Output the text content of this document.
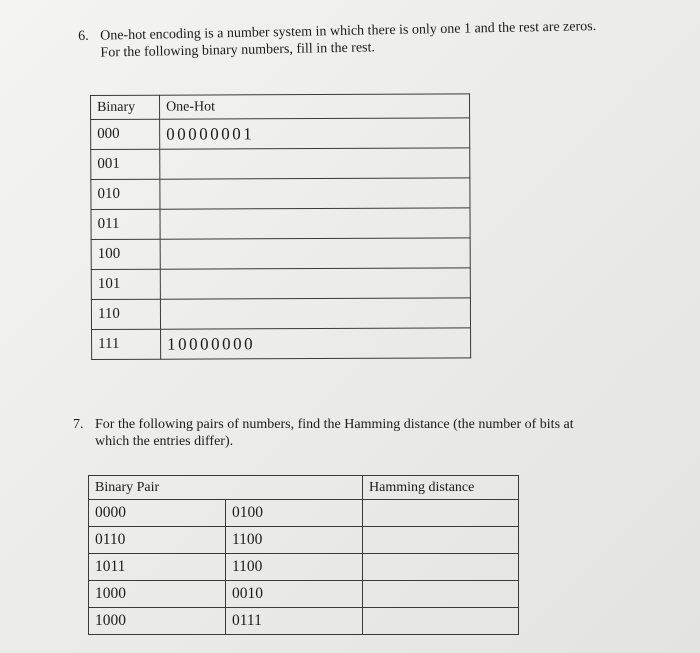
6. One-hot encoding is a number system in which there is only one 1 and the rest are zeros.
For the following binary numbers, fill in the rest.
Binary	One-Hot
000	00000001
001	
010	
011	
100	
101	
110	
111	10000000
7. For the following pairs of numbers, find the Hamming distance (the number of bits at
which the entries differ).
Binary Pair		Hamming distance
0000	0100	
0110	1100	
1011	1100	
1000	0010	
1000	0111	
